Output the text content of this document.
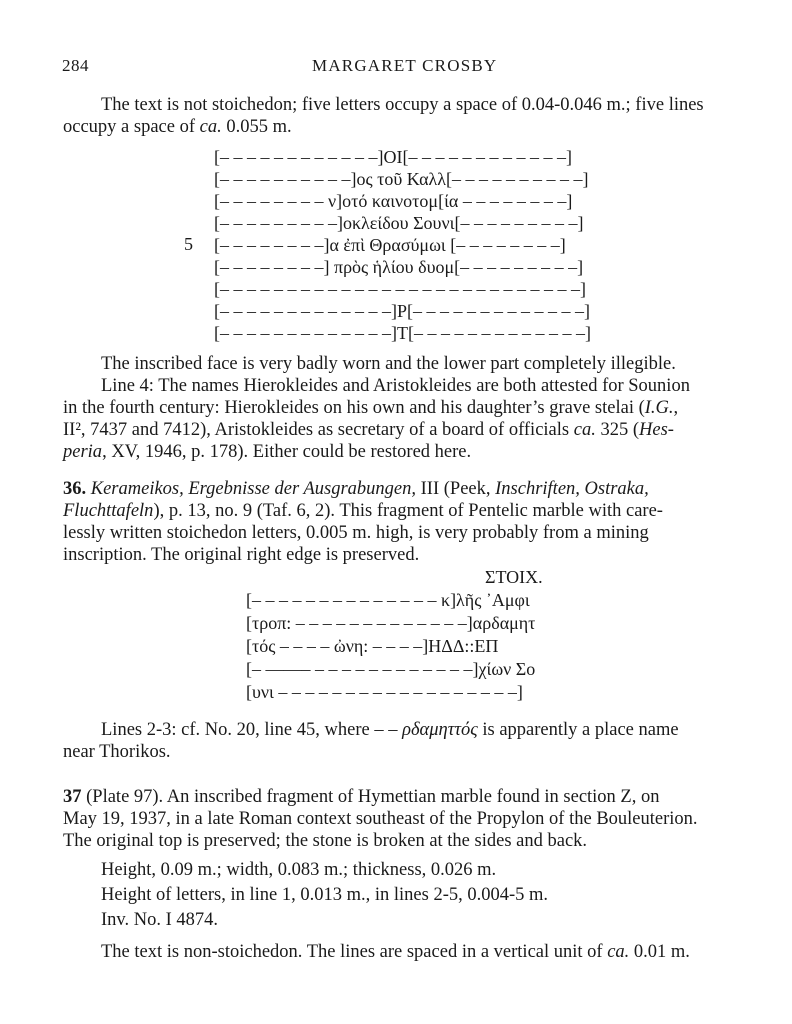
284	MARGARET CROSBY
The text is not stoichedon; five letters occupy a space of 0.04-0.046 m.; five lines
occupy a space of ca. 0.055 m.
[– – – – – – – – – – – –]ΟΙ[– – – – – – – – – – – –]
[– – – – – – – – – –]ος τοῦ Καλλ[– – – – – – – – – –]
[– – – – – – – – ν]οτό καινοτομ[ία – – – – – – – –]
[– – – – – – – – –]οκλείδου Σουνι[– – – – – – – – –]
[– – – – – – – –]α ἐπὶ Θρασύμωι [– – – – – – – –]
[– – – – – – – –] πρὸς ἡλίου δυομ[– – – – – – – – –]
[– – – – – – – – – – – – – – – – – – – – – – – – – – –]
[– – – – – – – – – – – – –]Ρ[– – – – – – – – – – – – –]
[– – – – – – – – – – – – –]Τ[– – – – – – – – – – – – –]
5
The inscribed face is very badly worn and the lower part completely illegible.
Line 4: The names Hierokleides and Aristokleides are both attested for Sounion
in the fourth century: Hierokleides on his own and his daughter’s grave stelai (I.G.,
II², 7437 and 7412), Aristokleides as secretary of a board of officials ca. 325 (Hes-
peria, XV, 1946, p. 178). Either could be restored here.
36. Kerameikos, Ergebnisse der Ausgrabungen, III (Peek, Inschriften, Ostraka,
Fluchttafeln), p. 13, no. 9 (Taf. 6, 2). This fragment of Pentelic marble with care-
lessly written stoichedon letters, 0.005 m. high, is very probably from a mining
inscription. The original right edge is preserved.
ΣΤΟΙΧ.
[– – – – – – – – – – – – – – κ]λῆς ᾿Αμφι
[τροπ: – – – – – – – – – – – – –]αρδαμητ
[τός – – – – ὠνη: – – – –]ΗΔΔ::ΕΠ
[– ——– – – – – – – – – – – – –]χίων Σο
[υνι – – – – – – – – – – – – – – – – – –]
Lines 2-3: cf. No. 20, line 45, where – – ρδαμηττός is apparently a place name
near Thorikos.
37 (Plate 97). An inscribed fragment of Hymettian marble found in section Ζ, on
May 19, 1937, in a late Roman context southeast of the Propylon of the Bouleuterion.
The original top is preserved; the stone is broken at the sides and back.
Height, 0.09 m.; width, 0.083 m.; thickness, 0.026 m.
Height of letters, in line 1, 0.013 m., in lines 2-5, 0.004-5 m.
Inv. No. I 4874.
The text is non-stoichedon. The lines are spaced in a vertical unit of ca. 0.01 m.
